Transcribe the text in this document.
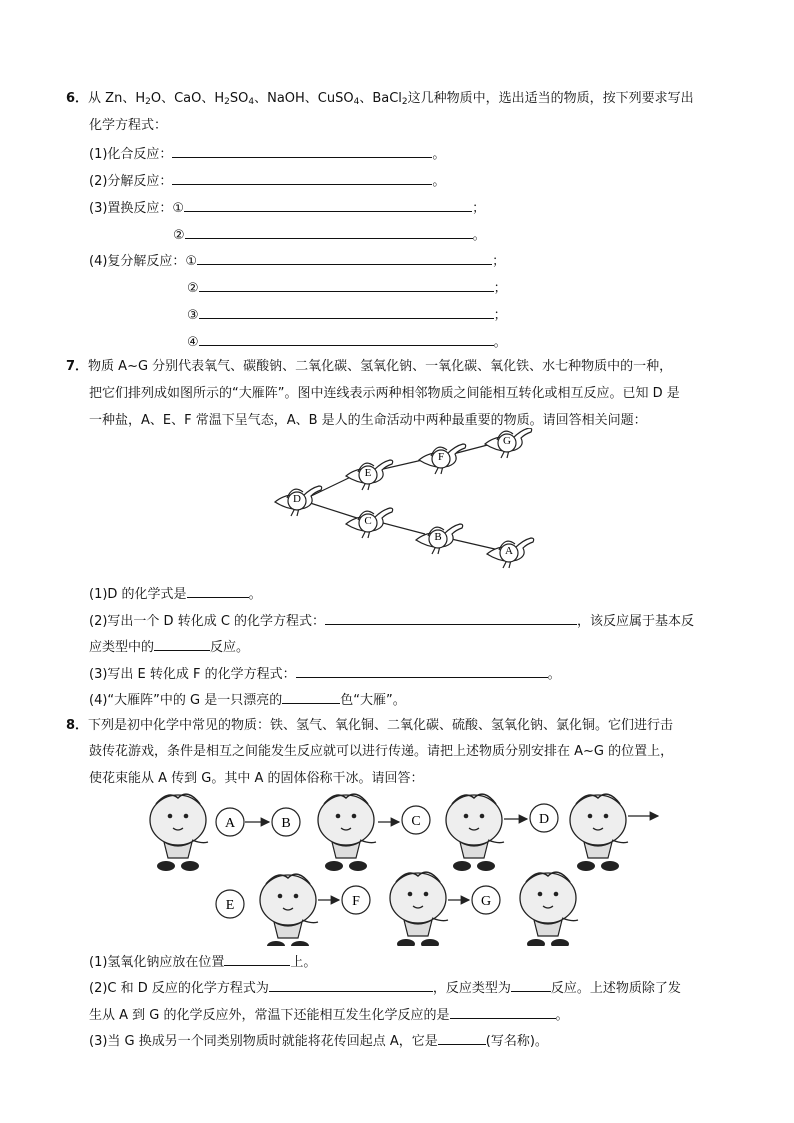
6．从 Zn、$H_2O$、CaO、$H_2SO_4$、NaOH、CuSO$_4$、BaCl$_2$这几种物质中，选出适当的物质，按下列要求写出
化学方程式：
(1)化合反应：	。
(2)分解反应：	。
(3)置换反应：①	；
②	。
(4)复分解反应：①	；
②	；
③	；
④	。
7．物质 A~G 分别代表氧气、碳酸钠、二氧化碳、氢氧化钠、一氧化碳、氧化铁、水七种物质中的一种，
把它们排列成如图所示的“大雁阵”。图中连线表示两种相邻物质之间能相互转化或相互反应。已知 D 是
一种盐，A、E、F 常温下呈气态，A、B 是人的生命活动中两种最重要的物质。请回答相关问题：
D
E
F
G
C
B
A
(1)D 的化学式是	。
(2)写出一个 D 转化成 C 的化学方程式：	，该反应属于基本反
应类型中的	反应。
(3)写出 E 转化成 F 的化学方程式：	。
(4)“大雁阵”中的 G 是一只漂亮的	色“大雁”。
8．下列是初中化学中常见的物质：铁、氢气、氧化铜、二氧化碳、硫酸、氢氧化钠、氯化铜。它们进行击
鼓传花游戏，条件是相互之间能发生反应就可以进行传递。请把上述物质分别安排在 A~G 的位置上，
使花束能从 A 传到 G。其中 A 的固体俗称干冰。请回答：
A	B	C	D
E	F	G
(1)氢氧化钠应放在位置	上。
(2)C 和 D 反应的化学方程式为	，反应类型为	反应。上述物质除了发
生从 A 到 G 的化学反应外，常温下还能相互发生化学反应的是	。
(3)当 G 换成另一个同类别物质时就能将花传回起点 A，它是	(写名称)。
